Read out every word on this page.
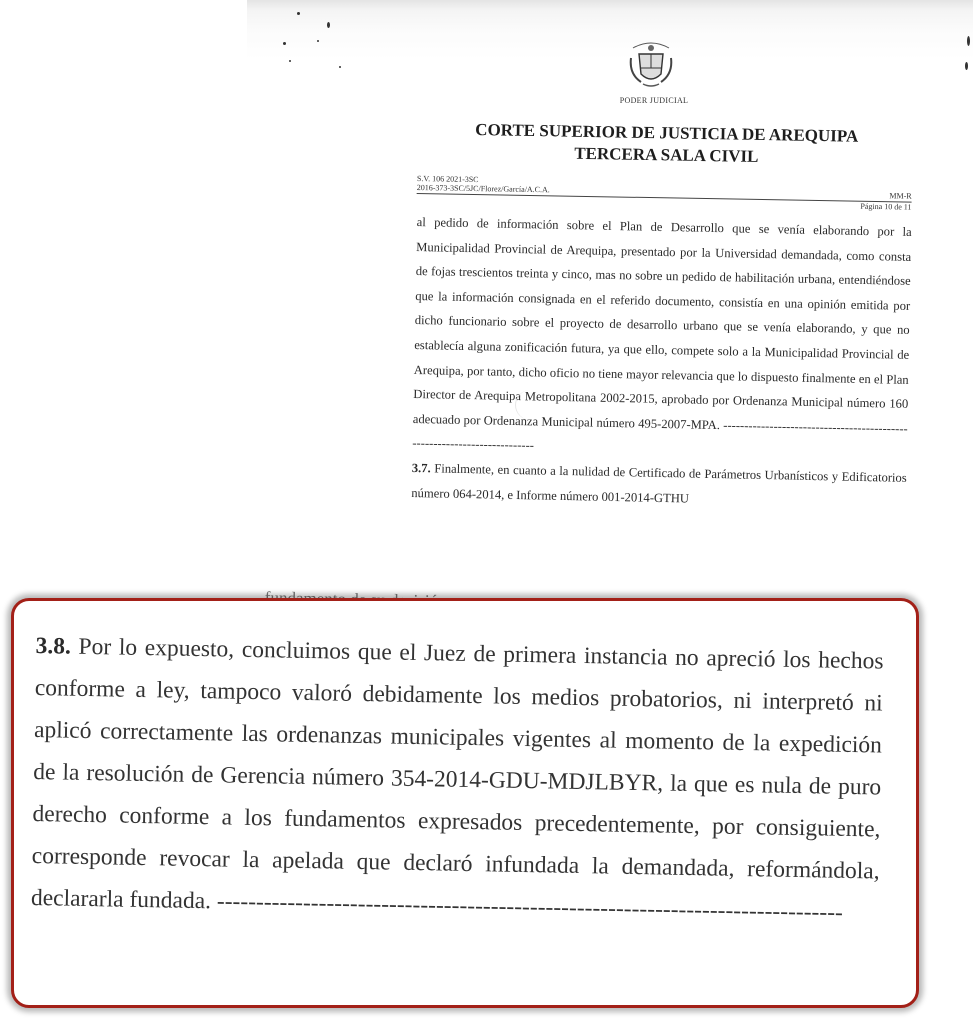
PODER JUDICIAL
CORTE SUPERIOR DE JUSTICIA DE AREQUIPA
TERCERA SALA CIVIL
S.V. 106 2021-3SC
2016-373-3SC/5JC/Florez/García/A.C.A.
MM-R
Página 10 de 11

al pedido de información sobre el Plan de Desarrollo que se venía elaborando por la Municipalidad Provincial de Arequipa, presentado por la Universidad demandada, como consta de fojas trescientos treinta y cinco, mas no sobre un pedido de habilitación urbana, entendiéndose que la información consignada en el referido documento, consistía en una opinión emitida por dicho funcionario sobre el proyecto de desarrollo urbano que se venía elaborando, y que no establecía alguna zonificación futura, ya que ello, compete solo a la Municipalidad Provincial de Arequipa, por tanto, dicho oficio no tiene mayor relevancia que lo dispuesto finalmente en el Plan Director de Arequipa Metropolitana 2002-2015, aprobado por Ordenanza Municipal número 160 adecuado por Ordenanza Municipal número 495-2007-MPA. -------------------------------------------------------------------------

3.7. Finalmente, en cuanto a la nulidad de Certificado de Parámetros Urbanísticos y Edificatorios número 064-2014, e Informe número 001-2014-GTHU

3.8. Por lo expuesto, concluimos que el Juez de primera instancia no apreció los hechos conforme a ley, tampoco valoró debidamente los medios probatorios, ni interpretó ni aplicó correctamente las ordenanzas municipales vigentes al momento de la expedición de la resolución de Gerencia número 354-2014-GDU-MDJLBYR, la que es nula de puro derecho conforme a los fundamentos expresados precedentemente, por consiguiente, corresponde revocar la apelada que declaró infundada la demandada, reformándola, declararla fundada. --------------------------------------------------------------------------------
